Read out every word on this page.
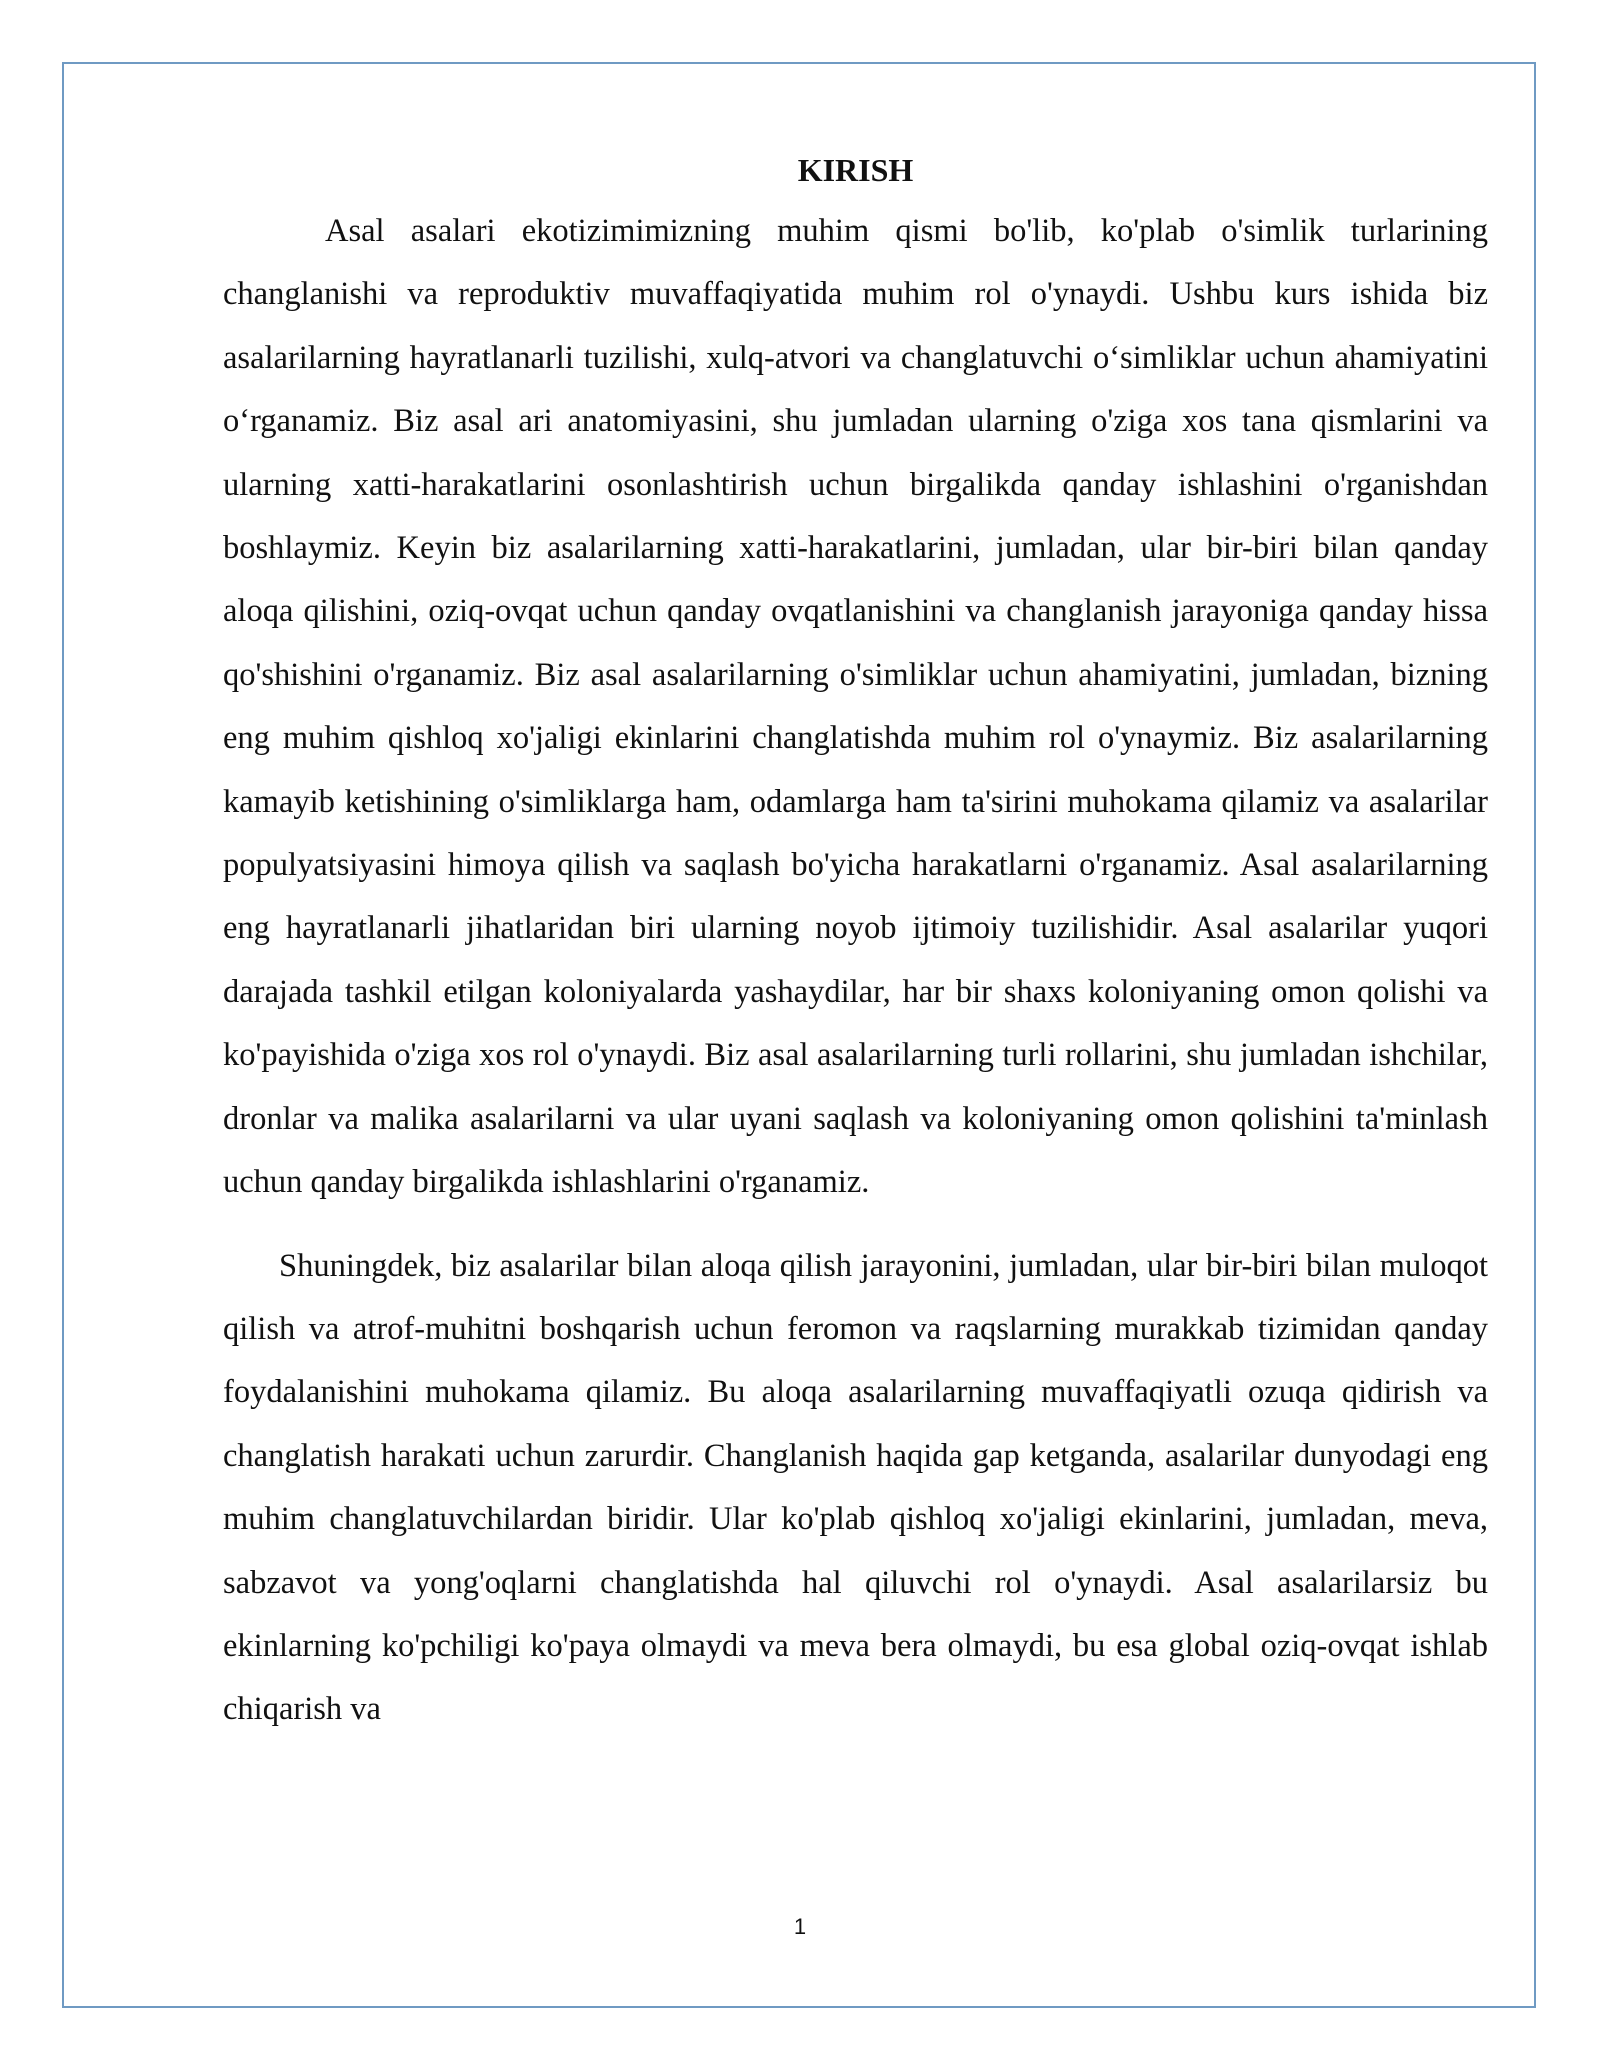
KIRISH

Asal asalari ekotizimimizning muhim qismi bo'lib, ko'plab o'simlik turlarining changlanishi va reproduktiv muvaffaqiyatida muhim rol o'ynaydi. Ushbu kurs ishida biz asalarilarning hayratlanarli tuzilishi, xulq-atvori va changlatuvchi o‘simliklar uchun ahamiyatini o‘rganamiz. Biz asal ari anatomiyasini, shu jumladan ularning o'ziga xos tana qismlarini va ularning xatti-harakatlarini osonlashtirish uchun birgalikda qanday ishlashini o'rganishdan boshlaymiz. Keyin biz asalarilarning xatti-harakatlarini, jumladan, ular bir-biri bilan qanday aloqa qilishini, oziq-ovqat uchun qanday ovqatlanishini va changlanish jarayoniga qanday hissa qo'shishini o'rganamiz. Biz asal asalarilarning o'simliklar uchun ahamiyatini, jumladan, bizning eng muhim qishloq xo'jaligi ekinlarini changlatishda muhim rol o'ynaymiz. Biz asalarilarning kamayib ketishining o'simliklarga ham, odamlarga ham ta'sirini muhokama qilamiz va asalarilar populyatsiyasini himoya qilish va saqlash bo'yicha harakatlarni o'rganamiz. Asal asalarilarning eng hayratlanarli jihatlaridan biri ularning noyob ijtimoiy tuzilishidir. Asal asalarilar yuqori darajada tashkil etilgan koloniyalarda yashaydilar, har bir shaxs koloniyaning omon qolishi va ko'payishida o'ziga xos rol o'ynaydi. Biz asal asalarilarning turli rollarini, shu jumladan ishchilar, dronlar va malika asalarilarni va ular uyani saqlash va koloniyaning omon qolishini ta'minlash uchun qanday birgalikda ishlashlarini o'rganamiz.

Shuningdek, biz asalarilar bilan aloqa qilish jarayonini, jumladan, ular bir-biri bilan muloqot qilish va atrof-muhitni boshqarish uchun feromon va raqslarning murakkab tizimidan qanday foydalanishini muhokama qilamiz. Bu aloqa asalarilarning muvaffaqiyatli ozuqa qidirish va changlatish harakati uchun zarurdir. Changlanish haqida gap ketganda, asalarilar dunyodagi eng muhim changlatuvchilardan biridir. Ular ko'plab qishloq xo'jaligi ekinlarini, jumladan, meva, sabzavot va yong'oqlarni changlatishda hal qiluvchi rol o'ynaydi. Asal asalarilarsiz bu ekinlarning ko'pchiligi ko'paya olmaydi va meva bera olmaydi, bu esa global oziq-ovqat ishlab chiqarish va

1
